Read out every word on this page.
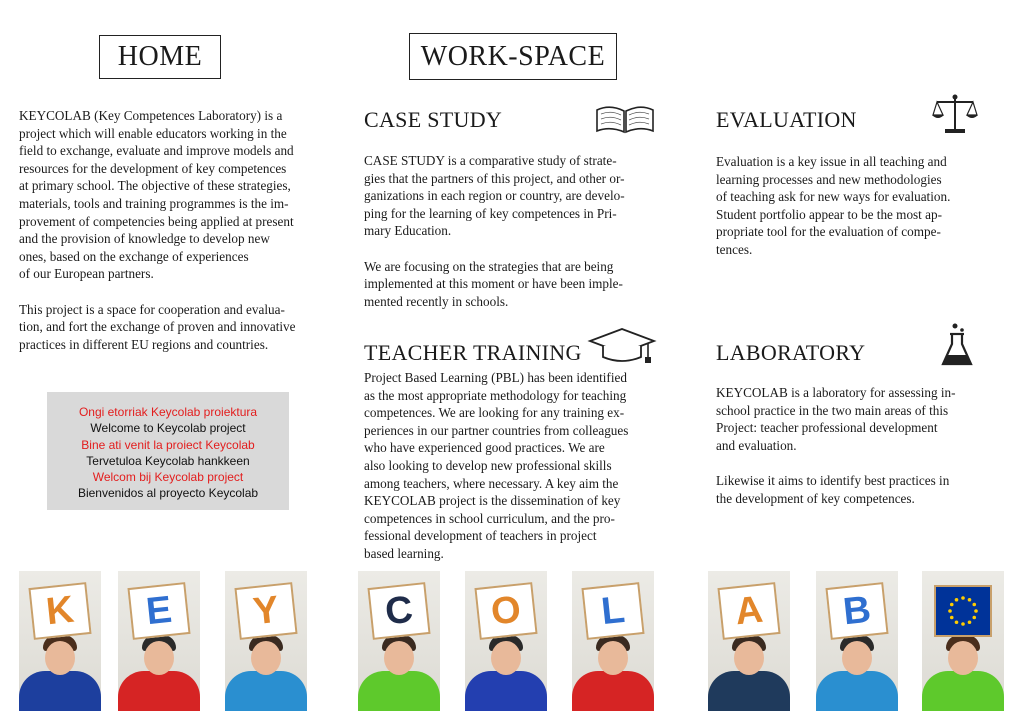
HOME
KEYCOLAB (Key Competences Laboratory) is a
project which will enable educators working in the
field to exchange, evaluate and improve models and
resources for the development of key competences
at primary school. The objective of these strategies,
materials, tools and training programmes is the im-
provement of competencies being applied at present
and the provision of knowledge to develop new
ones, based on the exchange of experiences
of our European partners.
This project is a space for cooperation and evalua-
tion, and fort the exchange of proven and innovative
practices in different EU regions and countries.
Ongi etorriak Keycolab proiektura
Welcome to Keycolab project
Bine ati venit la proiect Keycolab
Tervetuloa Keycolab hankkeen
Welcom bij Keycolab project
Bienvenidos al proyecto Keycolab
WORK-SPACE
CASE STUDY
CASE STUDY is a comparative study of strate-
gies that the partners of this project, and other or-
ganizations in each region or country, are develo-
ping for the learning of key competences in Pri-
mary Education.
We are focusing on the strategies that are being
implemented at this moment or have been imple-
mented recently in schools.
TEACHER TRAINING
Project Based Learning (PBL) has been identified
as the most appropriate methodology for teaching
competences. We are looking for any training ex-
periences in our partner countries from colleagues
who have experienced good practices. We are
also looking to develop new professional skills
among teachers, where necessary. A key aim the
KEYCOLAB project is the dissemination of key
competences in school curriculum, and the pro-
fessional development of teachers in project
based learning.
EVALUATION
Evaluation is a key issue in all teaching and
learning processes and new methodologies
of teaching ask for new ways for evaluation.
Student portfolio appear to be the most ap-
propriate tool for the evaluation of compe-
tences.
LABORATORY
KEYCOLAB is a laboratory for assessing in-
school practice in the two main areas of this
Project: teacher professional development
and evaluation.
Likewise it aims to identify best practices in
the development of key competences.
K	E	Y	C	O	L	A	B
